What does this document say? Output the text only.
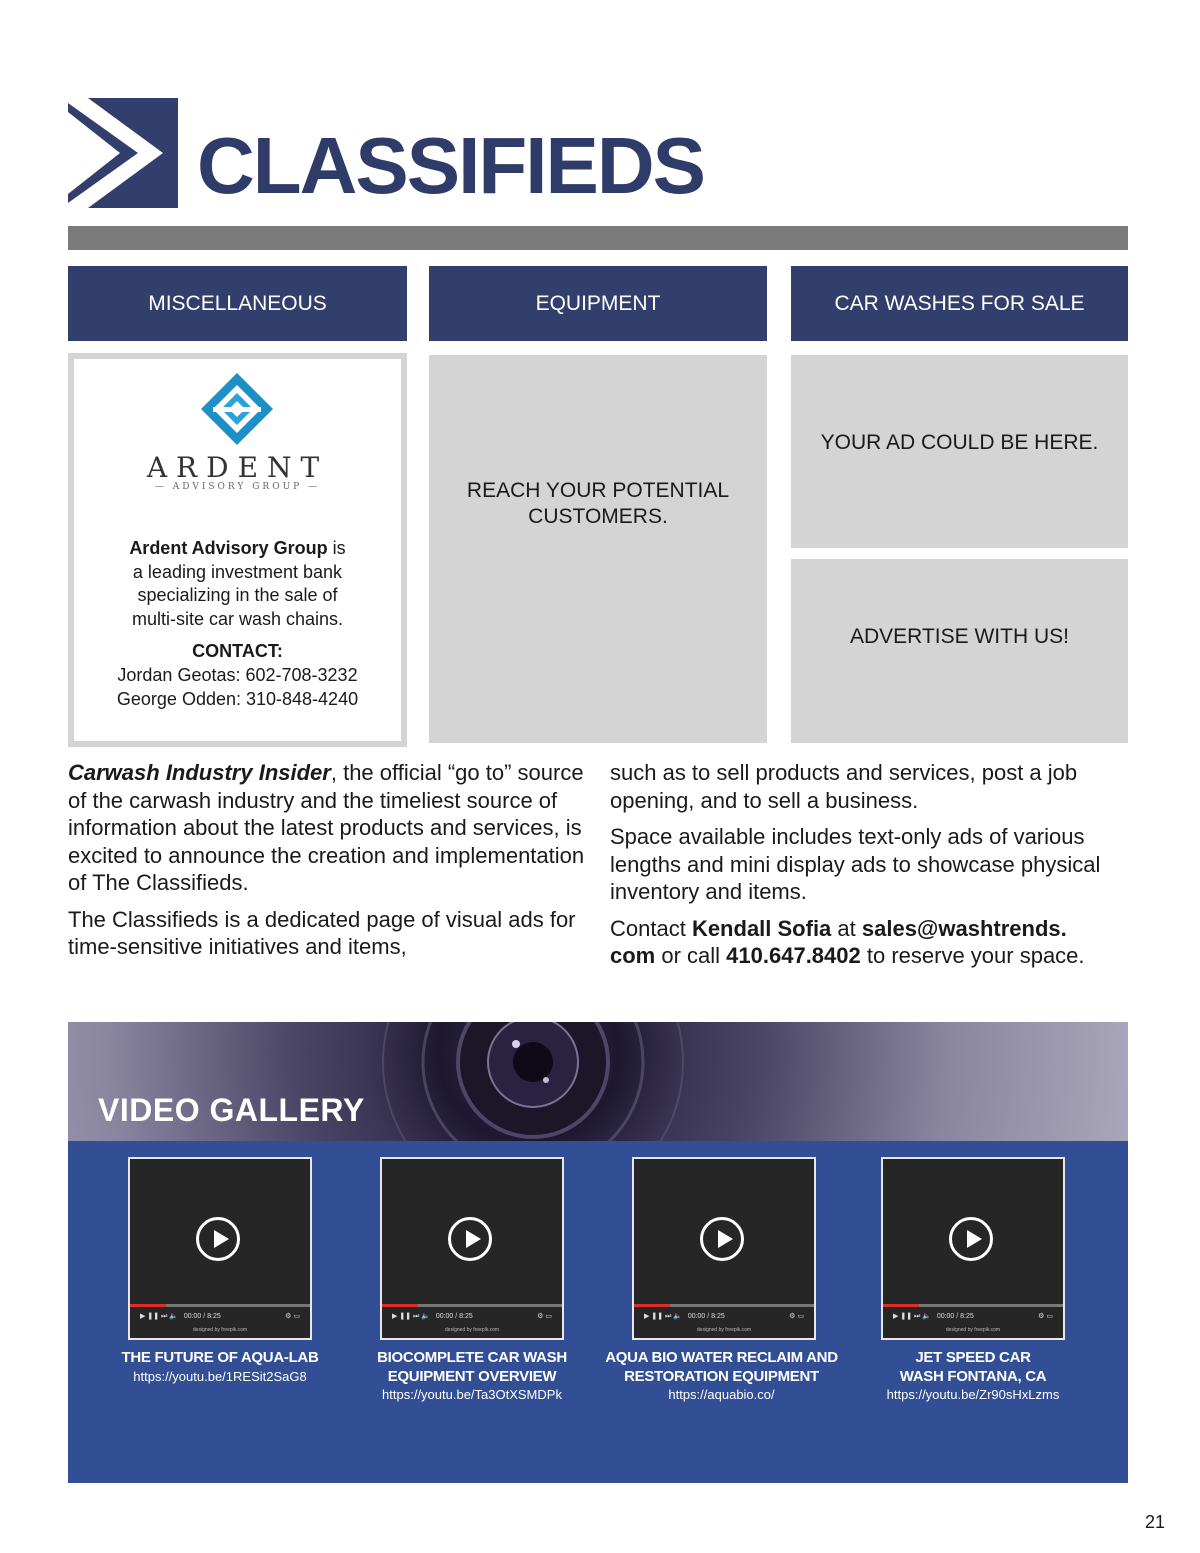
CLASSIFIEDS
MISCELLANEOUS	EQUIPMENT	CAR WASHES FOR SALE
ARDENT
— ADVISORY GROUP —
Ardent Advisory Group is
a leading investment bank
specializing in the sale of
multi-site car wash chains.
CONTACT:
Jordan Geotas: 602-708-3232
George Odden: 310-848-4240
REACH YOUR POTENTIAL
CUSTOMERS.
YOUR AD COULD BE HERE.
ADVERTISE WITH US!

Carwash Industry Insider, the official “go to” source of the carwash industry and the timeliest source of information about the latest products and services, is excited to announce the creation and implementation of The Classifieds.

The Classifieds is a dedicated page of visual ads for time-sensitive initiatives and items,

such as to sell products and services, post a job opening, and to sell a business.

Space available includes text-only ads of various lengths and mini display ads to showcase physical inventory and items.

Contact Kendall Sofia at sales@washtrends.
com or call 410.647.8402 to reserve your space.

VIDEO GALLERY
▶ ❚❚ ⏭ 🔈   00:00 / 8:25	⚙ ▭
designed by freepik.com
THE FUTURE OF AQUA-LAB
https://youtu.be/1RESit2SaG8
▶ ❚❚ ⏭ 🔈   00:00 / 8:25	⚙ ▭
designed by freepik.com
BIOCOMPLETE CAR WASH EQUIPMENT OVERVIEW
https://youtu.be/Ta3OtXSMDPk
▶ ❚❚ ⏭ 🔈   00:00 / 8:25	⚙ ▭
designed by freepik.com
AQUA BIO WATER RECLAIM AND RESTORATION EQUIPMENT
https://aquabio.co/
▶ ❚❚ ⏭ 🔈   00:00 / 8:25	⚙ ▭
designed by freepik.com
JET SPEED CAR WASH FONTANA, CA
https://youtu.be/Zr90sHxLzms
21
